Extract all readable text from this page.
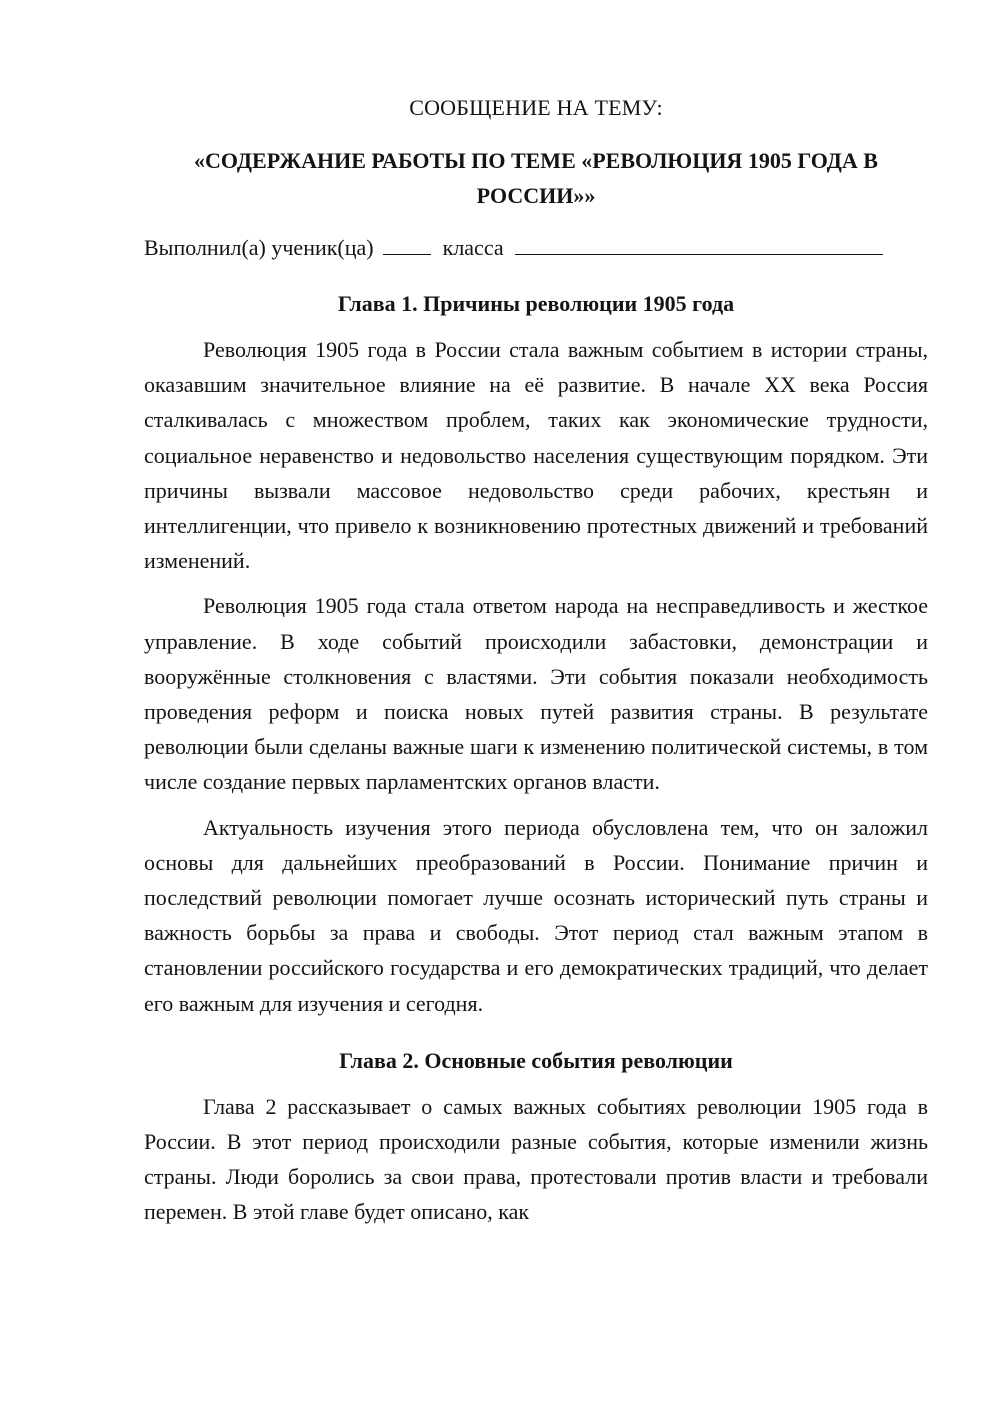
СООБЩЕНИЕ НА ТЕМУ:
«СОДЕРЖАНИЕ РАБОТЫ ПО ТЕМЕ «РЕВОЛЮЦИЯ 1905 ГОДА В РОССИИ»»
Выполнил(а) ученик(ца)	класса
Глава 1. Причины революции 1905 года

Революция 1905 года в России стала важным событием в истории страны, оказавшим значительное влияние на её развитие. В начале XX века Россия сталкивалась с множеством проблем, таких как экономические трудности, социальное неравенство и недовольство населения существующим порядком. Эти причины вызвали массовое недовольство среди рабочих, крестьян и интеллигенции, что привело к возникновению протестных движений и требований изменений.

Революция 1905 года стала ответом народа на несправедливость и жесткое управление. В ходе событий происходили забастовки, демонстрации и вооружённые столкновения с властями. Эти события показали необходимость проведения реформ и поиска новых путей развития страны. В результате революции были сделаны важные шаги к изменению политической системы, в том числе создание первых парламентских органов власти.

Актуальность изучения этого периода обусловлена тем, что он заложил основы для дальнейших преобразований в России. Понимание причин и последствий революции помогает лучше осознать исторический путь страны и важность борьбы за права и свободы. Этот период стал важным этапом в становлении российского государства и его демократических традиций, что делает его важным для изучения и сегодня.

Глава 2. Основные события революции

Глава 2 рассказывает о самых важных событиях революции 1905 года в России. В этот период происходили разные события, которые изменили жизнь страны. Люди боролись за свои права, протестовали против власти и требовали перемен. В этой главе будет описано, как
